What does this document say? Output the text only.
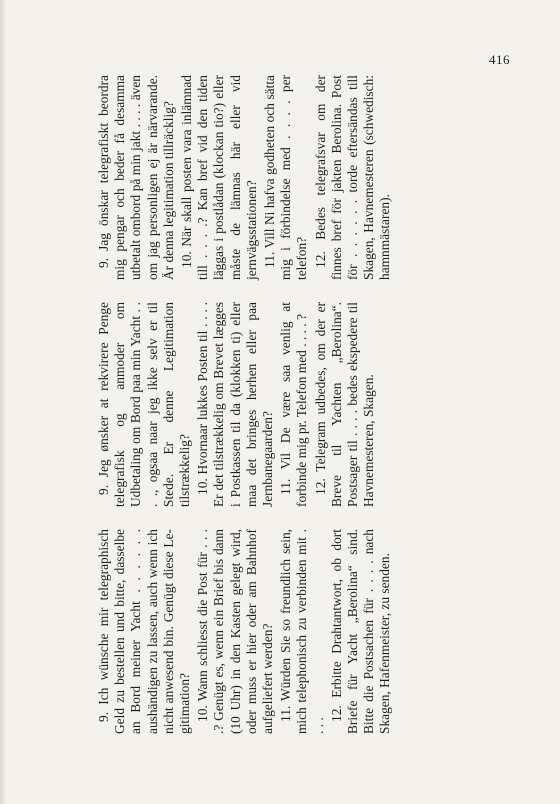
416

9. Ich wünsche mir telegraphisch Geld zu bestellen und bitte, dasselbe an Bord meiner Yacht . . . . . . aushändigen zu lassen, auch wenn ich nicht anwesend bin. Genügt diese Legitimation? 10. Wann schliesst die Post für . . . .? Genügt es, wenn ein Brief bis dann (10 Uhr) in den Kasten gelegt wird, oder muss er hier oder am Bahnhof aufgeliefert werden? 11. Würden Sie so freundlich sein, mich telephonisch zu verbinden mit . . . .

12. Erbitte Drahtantwort, ob dort Briefe für Yacht „Berolina“ sind. Bitte die Postsachen für . . . . nach Skagen, Hafenmeister, zu senden.

9. Jeg ønsker at rekvirere Penge telegrafisk og anmoder om Udbetaling om Bord paa min Yacht . . . ., ogsaa naar jeg ikke selv er til Stede. Er denne Legitimation tilstrækkelig? 10. Hvornaar lukkes Posten til . . . . Er det tilstrækkelig om Brevet lægges i Postkassen til da (klokken ti) eller maa det bringes herhen eller paa Jernbanegaarden? 11. Vil De være saa venlig at forbinde mig pr. Telefon med . . . . ? 12. Telegram udbedes, om der er Breve til Yachten „Berolina“. Postsager til . . . . bedes ekspedere til Havnemesteren, Skagen.

9. Jag önskar telegrafiskt beordra mig pengar och beder få desamma utbetalt ombord på min jakt . . . . även om jag personligen ej är närvarande. Är denna legitimation tillräcklig? 10. När skall posten vara inlämnad till . . . .? Kan bref vid den tiden läggas i postlådan (klockan tio?) eller måste de lämnas här eller vid jernvägsstationen? 11. Vill Ni hafva godheten och sätta mig i förbindelse med . . . . per telefon? 12. Bedes telegrafsvar om der finnes bref för jakten Berolina. Post för . . . . . . torde eftersändas till Skagen, Havnemesteren (schwedisch: hamnmästaren).
